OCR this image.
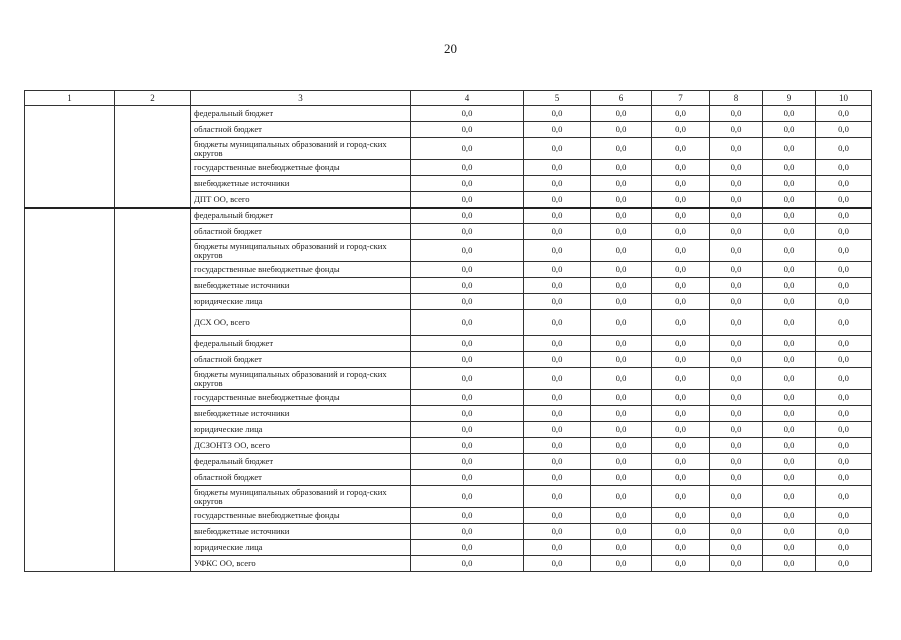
20
1	2	3	4	5	6	7	8	9	10
		федеральный бюджет	0,0	0,0	0,0	0,0	0,0	0,0	0,0
		областной бюджет	0,0	0,0	0,0	0,0	0,0	0,0	0,0
		бюджеты муниципальных образований и город-ских округов	0,0	0,0	0,0	0,0	0,0	0,0	0,0
		государственные внебюджетные фонды	0,0	0,0	0,0	0,0	0,0	0,0	0,0
		внебюджетные источники	0,0	0,0	0,0	0,0	0,0	0,0	0,0
		ДПТ ОО, всего	0,0	0,0	0,0	0,0	0,0	0,0	0,0
		федеральный бюджет	0,0	0,0	0,0	0,0	0,0	0,0	0,0
		областной бюджет	0,0	0,0	0,0	0,0	0,0	0,0	0,0
		бюджеты муниципальных образований и город-ских округов	0,0	0,0	0,0	0,0	0,0	0,0	0,0
		государственные внебюджетные фонды	0,0	0,0	0,0	0,0	0,0	0,0	0,0
		внебюджетные источники	0,0	0,0	0,0	0,0	0,0	0,0	0,0
		юридические лица	0,0	0,0	0,0	0,0	0,0	0,0	0,0
		ДСХ ОО, всего	0,0	0,0	0,0	0,0	0,0	0,0	0,0
		федеральный бюджет	0,0	0,0	0,0	0,0	0,0	0,0	0,0
		областной бюджет	0,0	0,0	0,0	0,0	0,0	0,0	0,0
		бюджеты муниципальных образований и город-ских округов	0,0	0,0	0,0	0,0	0,0	0,0	0,0
		государственные внебюджетные фонды	0,0	0,0	0,0	0,0	0,0	0,0	0,0
		внебюджетные источники	0,0	0,0	0,0	0,0	0,0	0,0	0,0
		юридические лица	0,0	0,0	0,0	0,0	0,0	0,0	0,0
		ДСЗОНТЗ ОО, всего	0,0	0,0	0,0	0,0	0,0	0,0	0,0
		федеральный бюджет	0,0	0,0	0,0	0,0	0,0	0,0	0,0
		областной бюджет	0,0	0,0	0,0	0,0	0,0	0,0	0,0
		бюджеты муниципальных образований и город-ских округов	0,0	0,0	0,0	0,0	0,0	0,0	0,0
		государственные внебюджетные фонды	0,0	0,0	0,0	0,0	0,0	0,0	0,0
		внебюджетные источники	0,0	0,0	0,0	0,0	0,0	0,0	0,0
		юридические лица	0,0	0,0	0,0	0,0	0,0	0,0	0,0
		УФКС ОО, всего	0,0	0,0	0,0	0,0	0,0	0,0	0,0
